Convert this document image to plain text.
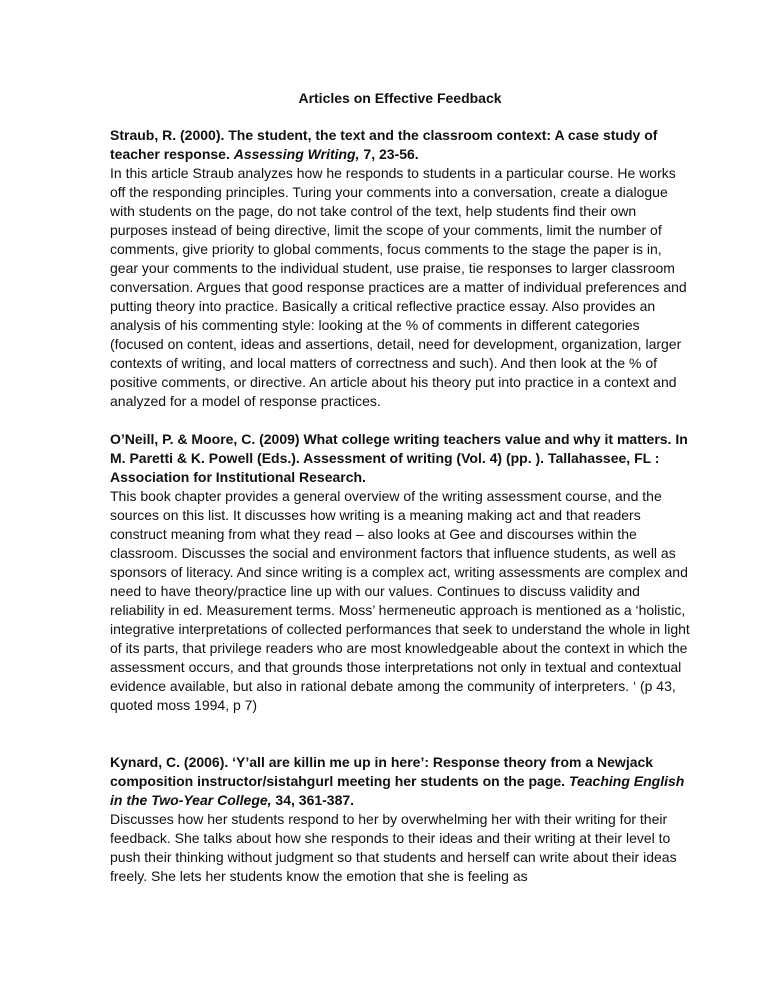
Articles on Effective Feedback

Straub, R. (2000). The student, the text and the classroom context: A case study of teacher response. Assessing Writing, 7, 23-56.

In this article Straub analyzes how he responds to students in a particular course. He works off the responding principles. Turing your comments into a conversation, create a dialogue with students on the page, do not take control of the text, help students find their own purposes instead of being directive, limit the scope of your comments, limit the number of comments, give priority to global comments, focus comments to the stage the paper is in, gear your comments to the individual student, use praise, tie responses to larger classroom conversation. Argues that good response practices are a matter of individual preferences and putting theory into practice. Basically a critical reflective practice essay. Also provides an analysis of his commenting style: looking at the % of comments in different categories (focused on content, ideas and assertions, detail, need for development, organization, larger contexts of writing, and local matters of correctness and such). And then look at the % of positive comments, or directive. An article about his theory put into practice in a context and analyzed for a model of response practices.

O’Neill, P. & Moore, C. (2009) What college writing teachers value and why it matters. In M. Paretti & K. Powell (Eds.). Assessment of writing (Vol. 4) (pp. ). Tallahassee, FL : Association for Institutional Research.

This book chapter provides a general overview of the writing assessment course, and the sources on this list. It discusses how writing is a meaning making act and that readers construct meaning from what they read – also looks at Gee and discourses within the classroom. Discusses the social and environment factors that influence students, as well as sponsors of literacy. And since writing is a complex act, writing assessments are complex and need to have theory/practice line up with our values. Continues to discuss validity and reliability in ed. Measurement terms. Moss’ hermeneutic approach is mentioned as a ‘holistic, integrative interpretations of collected performances that seek to understand the whole in light of its parts, that privilege readers who are most knowledgeable about the context in which the assessment occurs, and that grounds those interpretations not only in textual and contextual evidence available, but also in rational debate among the community of interpreters. ‘ (p 43, quoted moss 1994, p 7)

Kynard, C. (2006). ‘Y’all are killin me up in here’: Response theory from a Newjack composition instructor/sistahgurl meeting her students on the page. Teaching English in the Two-Year College, 34, 361-387.

Discusses how her students respond to her by overwhelming her with their writing for their feedback. She talks about how she responds to their ideas and their writing at their level to push their thinking without judgment so that students and herself can write about their ideas freely. She lets her students know the emotion that she is feeling as
